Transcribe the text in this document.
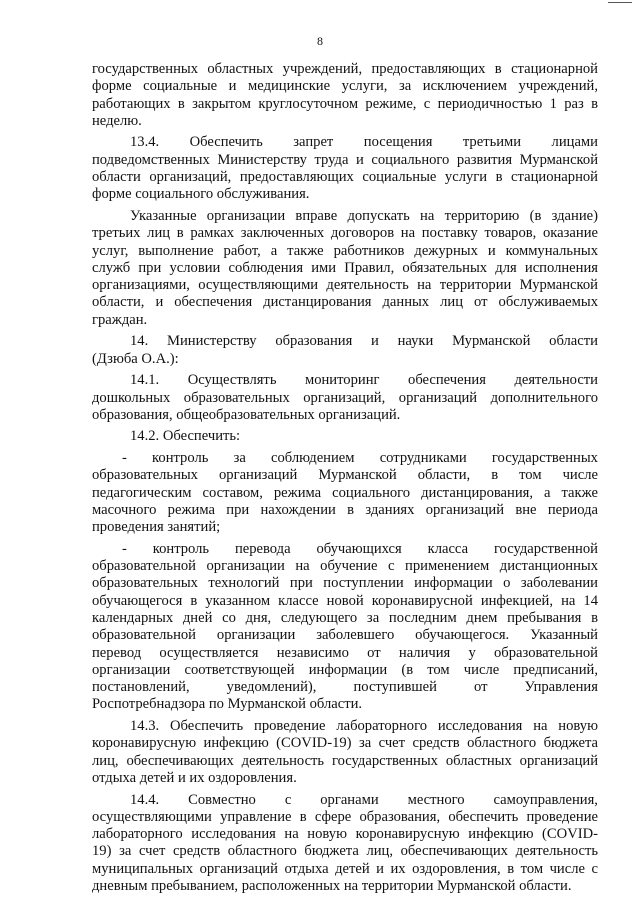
8
государственных областных учреждений, предоставляющих в стационарной
форме социальные и медицинские услуги, за исключением учреждений,
работающих в закрытом круглосуточном режиме, с периодичностью 1 раз в
неделю.
13.4. Обеспечить запрет посещения третьими лицами
подведомственных Министерству труда и социального развития Мурманской
области организаций, предоставляющих социальные услуги в стационарной
форме социального обслуживания.
Указанные организации вправе допускать на территорию (в здание)
третьих лиц в рамках заключенных договоров на поставку товаров, оказание
услуг, выполнение работ, а также работников дежурных и коммунальных
служб при условии соблюдения ими Правил, обязательных для исполнения
организациями, осуществляющими деятельность на территории Мурманской
области, и обеспечения дистанцирования данных лиц от обслуживаемых
граждан.
14. Министерству образования и науки Мурманской области
(Дзюба О.А.):
14.1. Осуществлять мониторинг обеспечения деятельности
дошкольных образовательных организаций, организаций дополнительного
образования, общеобразовательных организаций.
14.2. Обеспечить:
- контроль за соблюдением сотрудниками государственных
образовательных организаций Мурманской области, в том числе
педагогическим составом, режима социального дистанцирования, а также
масочного режима при нахождении в зданиях организаций вне периода
проведения занятий;
- контроль перевода обучающихся класса государственной
образовательной организации на обучение с применением дистанционных
образовательных технологий при поступлении информации о заболевании
обучающегося в указанном классе новой коронавирусной инфекцией, на 14
календарных дней со дня, следующего за последним днем пребывания в
образовательной организации заболевшего обучающегося. Указанный
перевод осуществляется независимо от наличия у образовательной
организации соответствующей информации (в том числе предписаний,
постановлений,	уведомлений),	поступившей	от	Управления
Роспотребнадзора по Мурманской области.
14.3. Обеспечить проведение лабораторного исследования на новую
коронавирусную инфекцию (COVID-19) за счет средств областного бюджета
лиц, обеспечивающих деятельность государственных областных организаций
отдыха детей и их оздоровления.
14.4. Совместно с органами местного самоуправления,
осуществляющими управление в сфере образования, обеспечить проведение
лабораторного исследования на новую коронавирусную инфекцию (COVID-
19) за счет средств областного бюджета лиц, обеспечивающих деятельность
муниципальных организаций отдыха детей и их оздоровления, в том числе с
дневным пребыванием, расположенных на территории Мурманской области.
